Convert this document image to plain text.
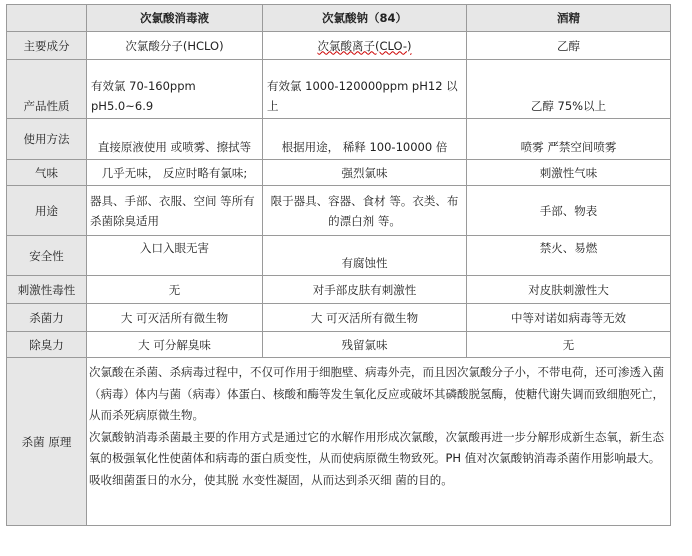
	次氯酸消毒液	次氯酸钠（84）	酒精
主要成分	次氯酸分子(HCLO)	次氯酸离子(CLO-)	乙醇
产品性质	有效氯 70-160ppm pH5.0~6.9	有效氯 1000-120000ppm pH12 以上	乙醇 75%以上
使用方法	直接原液使用 或喷雾、擦拭等	根据用途， 稀释 100-10000 倍	喷雾 严禁空间喷雾
气味	几乎无味， 反应时略有氯味;	强烈氯味	刺激性气味
用途	器具、手部、衣服、空间 等所有杀菌除臭适用	限于器具、容器、食材 等。衣类、布的漂白剂 等。	手部、物表
安全性	入口入眼无害	有腐蚀性	禁火、易燃
刺激性毒性	无	对手部皮肤有刺激性	对皮肤刺激性大
杀菌力	大 可灭活所有微生物	大 可灭活所有微生物	中等对诺如病毒等无效
除臭力	大 可分解臭味	残留氯味	无
杀菌 原理	次氯酸在杀菌、杀病毒过程中，不仅可作用于细胞壁、病毒外壳，而且因次氯酸分子小，不带电荷，还可渗透入菌（病毒）体内与菌（病毒）体蛋白、核酸和酶等发生氧化反应或破坏其磷酸脱氢酶，使糖代谢失调而致细胞死亡，从而杀死病原微生物。

次氯酸钠消毒杀菌最主要的作用方式是通过它的水解作用形成次氯酸，次氯酸再进一步分解形成新生态氧，新生态氧的极强氧化性使菌体和病毒的蛋白质变性，从而使病原微生物致死。PH 值对次氯酸钠消毒杀菌作用影响最大。

吸收细菌蛋日的水分，使其脱 水变性凝固，从而达到杀灭细 菌的目的。		
